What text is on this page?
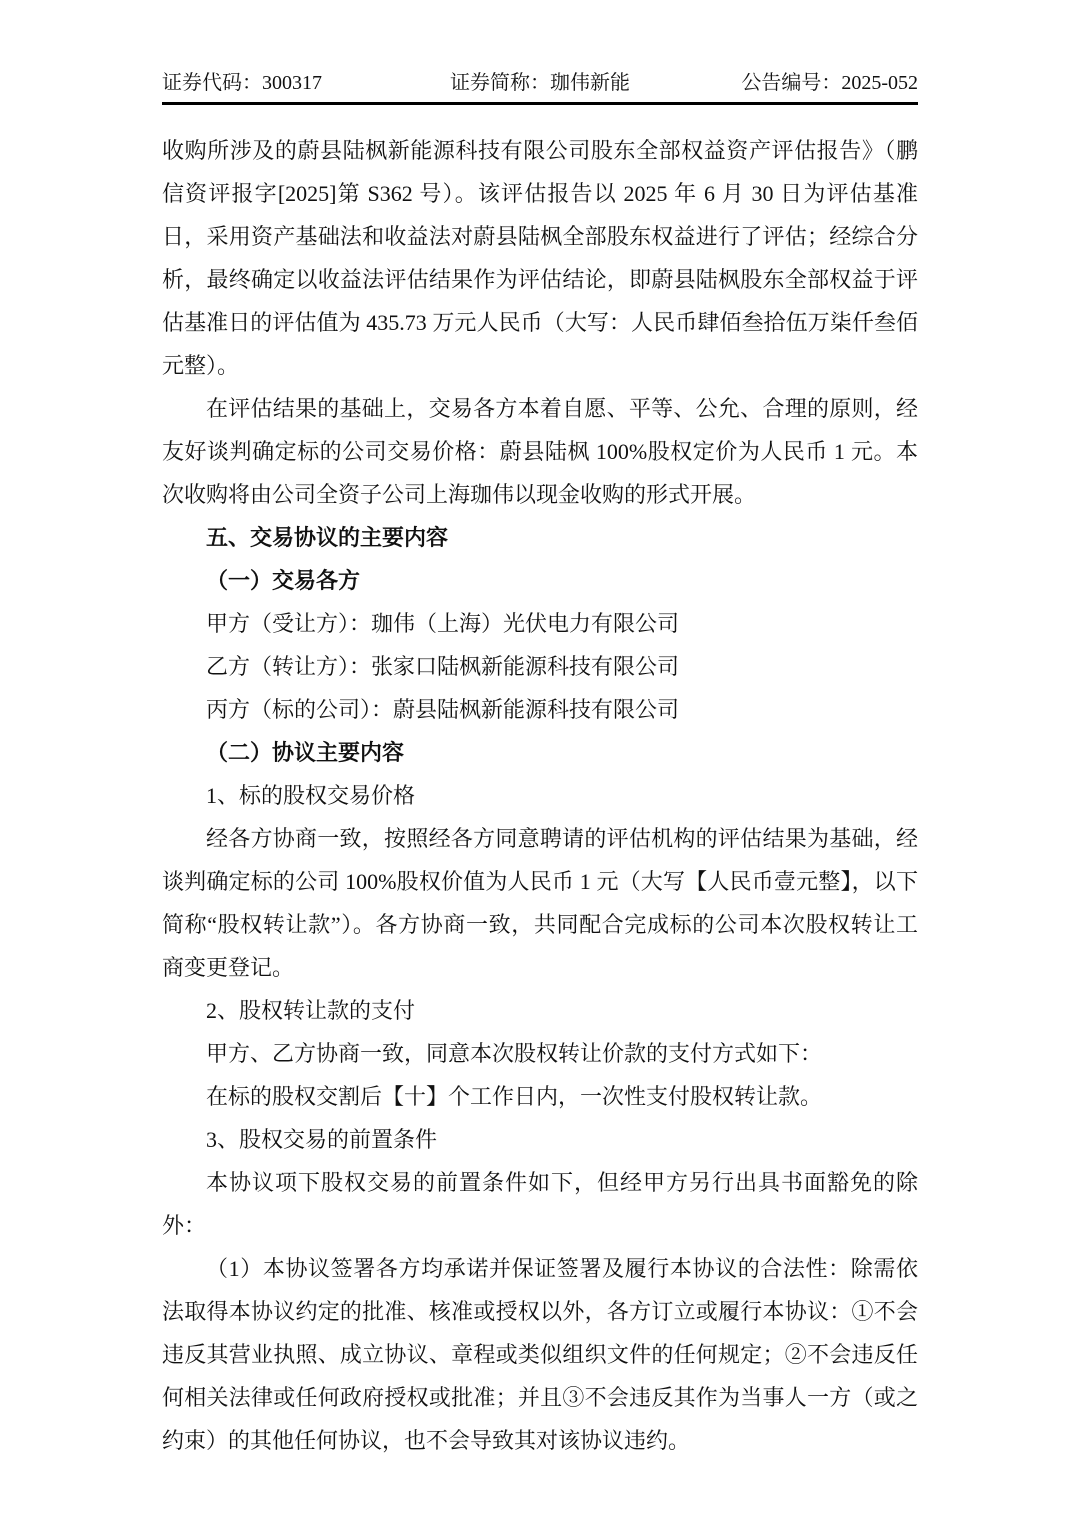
证券代码：300317	证券简称：珈伟新能	公告编号：2025-052

收购所涉及的蔚县陆枫新能源科技有限公司股东全部权益资产评估报告》（鹏信资评报字[2025]第 S362 号）。该评估报告以 2025 年 6 月 30 日为评估基准日，采用资产基础法和收益法对蔚县陆枫全部股东权益进行了评估；经综合分析，最终确定以收益法评估结果作为评估结论，即蔚县陆枫股东全部权益于评估基准日的评估值为 435.73 万元人民币（大写：人民币肆佰叁拾伍万柒仟叁佰元整）。

在评估结果的基础上，交易各方本着自愿、平等、公允、合理的原则，经友好谈判确定标的公司交易价格：蔚县陆枫 100%股权定价为人民币 1 元。本次收购将由公司全资子公司上海珈伟以现金收购的形式开展。

五、交易协议的主要内容

（一）交易各方

甲方（受让方）：珈伟（上海）光伏电力有限公司

乙方（转让方）：张家口陆枫新能源科技有限公司

丙方（标的公司）：蔚县陆枫新能源科技有限公司

（二）协议主要内容

1、标的股权交易价格

经各方协商一致，按照经各方同意聘请的评估机构的评估结果为基础，经谈判确定标的公司 100%股权价值为人民币 1 元（大写【人民币壹元整】，以下简称“股权转让款”）。各方协商一致，共同配合完成标的公司本次股权转让工商变更登记。

2、股权转让款的支付

甲方、乙方协商一致，同意本次股权转让价款的支付方式如下：

在标的股权交割后【十】个工作日内，一次性支付股权转让款。

3、股权交易的前置条件

本协议项下股权交易的前置条件如下，但经甲方另行出具书面豁免的除外：

（1）本协议签署各方均承诺并保证签署及履行本协议的合法性：除需依法取得本协议约定的批准、核准或授权以外，各方订立或履行本协议：①不会违反其营业执照、成立协议、章程或类似组织文件的任何规定；②不会违反任何相关法律或任何政府授权或批准；并且③不会违反其作为当事人一方（或之约束）的其他任何协议，也不会导致其对该协议违约。
